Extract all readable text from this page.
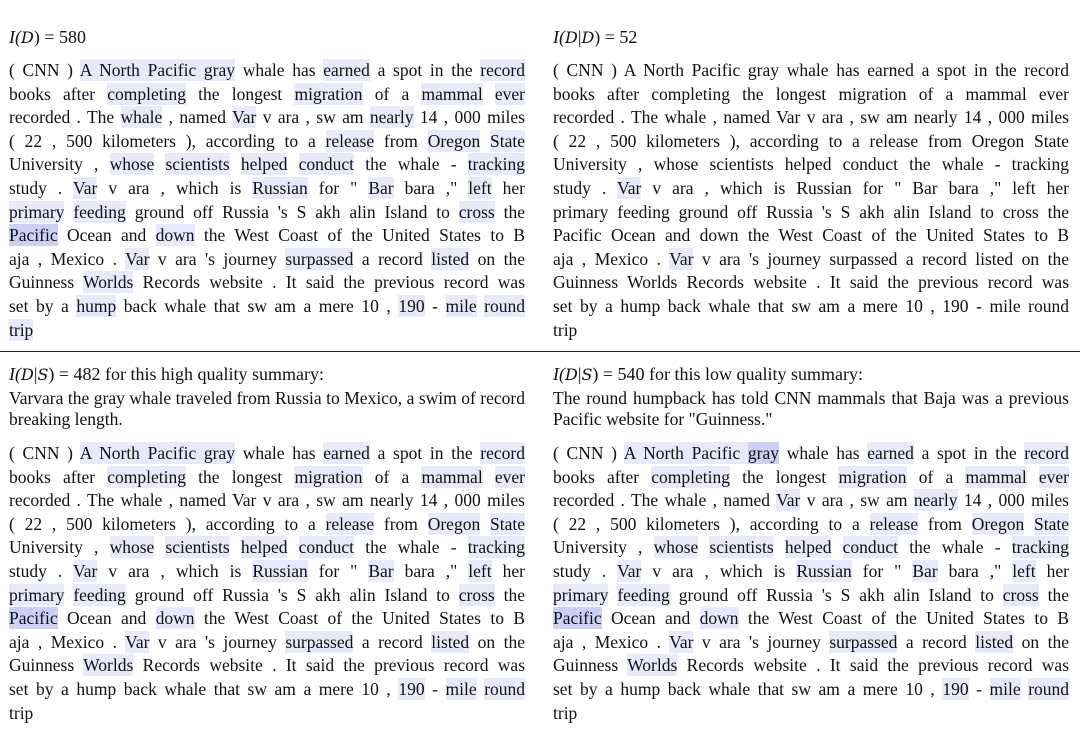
I(D) = 580
( CNN ) A North Pacific gray whale has earned a spot in the record
books after completing the longest migration of a mammal ever
recorded . The whale , named Var v ara , sw am nearly 14 , 000 miles
( 22 , 500 kilometers ), according to a release from Oregon State
University , whose scientists helped conduct the whale - tracking
study . Var v ara , which is Russian for " Bar bara ," left her
primary feeding ground off Russia 's S akh alin Island to cross the
Pacific Ocean and down the West Coast of the United States to B
aja , Mexico . Var v ara 's journey surpassed a record listed on the
Guinness Worlds Records website . It said the previous record was
set by a hump back whale that sw am a mere 10 , 190 - mile round
trip
I(D|D) = 52
( CNN ) A North Pacific gray whale has earned a spot in the record
books after completing the longest migration of a mammal ever
recorded . The whale , named Var v ara , sw am nearly 14 , 000 miles
( 22 , 500 kilometers ), according to a release from Oregon State
University , whose scientists helped conduct the whale - tracking
study . Var v ara , which is Russian for " Bar bara ," left her
primary feeding ground off Russia 's S akh alin Island to cross the
Pacific Ocean and down the West Coast of the United States to B
aja , Mexico . Var v ara 's journey surpassed a record listed on the
Guinness Worlds Records website . It said the previous record was
set by a hump back whale that sw am a mere 10 , 190 - mile round
trip
I(D|S) = 482 for this high quality summary:
Varvara the gray whale traveled from Russia to Mexico, a swim of record breaking length.
( CNN ) A North Pacific gray whale has earned a spot in the record
books after completing the longest migration of a mammal ever
recorded . The whale , named Var v ara , sw am nearly 14 , 000 miles
( 22 , 500 kilometers ), according to a release from Oregon State
University , whose scientists helped conduct the whale - tracking
study . Var v ara , which is Russian for " Bar bara ," left her
primary feeding ground off Russia 's S akh alin Island to cross the
Pacific Ocean and down the West Coast of the United States to B
aja , Mexico . Var v ara 's journey surpassed a record listed on the
Guinness Worlds Records website . It said the previous record was
set by a hump back whale that sw am a mere 10 , 190 - mile round
trip
I(D|S) = 540 for this low quality summary:
The round humpback has told CNN mammals that Baja was a previous Pacific website for "Guinness."
( CNN ) A North Pacific gray whale has earned a spot in the record
books after completing the longest migration of a mammal ever
recorded . The whale , named Var v ara , sw am nearly 14 , 000 miles
( 22 , 500 kilometers ), according to a release from Oregon State
University , whose scientists helped conduct the whale - tracking
study . Var v ara , which is Russian for " Bar bara ," left her
primary feeding ground off Russia 's S akh alin Island to cross the
Pacific Ocean and down the West Coast of the United States to B
aja , Mexico . Var v ara 's journey surpassed a record listed on the
Guinness Worlds Records website . It said the previous record was
set by a hump back whale that sw am a mere 10 , 190 - mile round
trip
